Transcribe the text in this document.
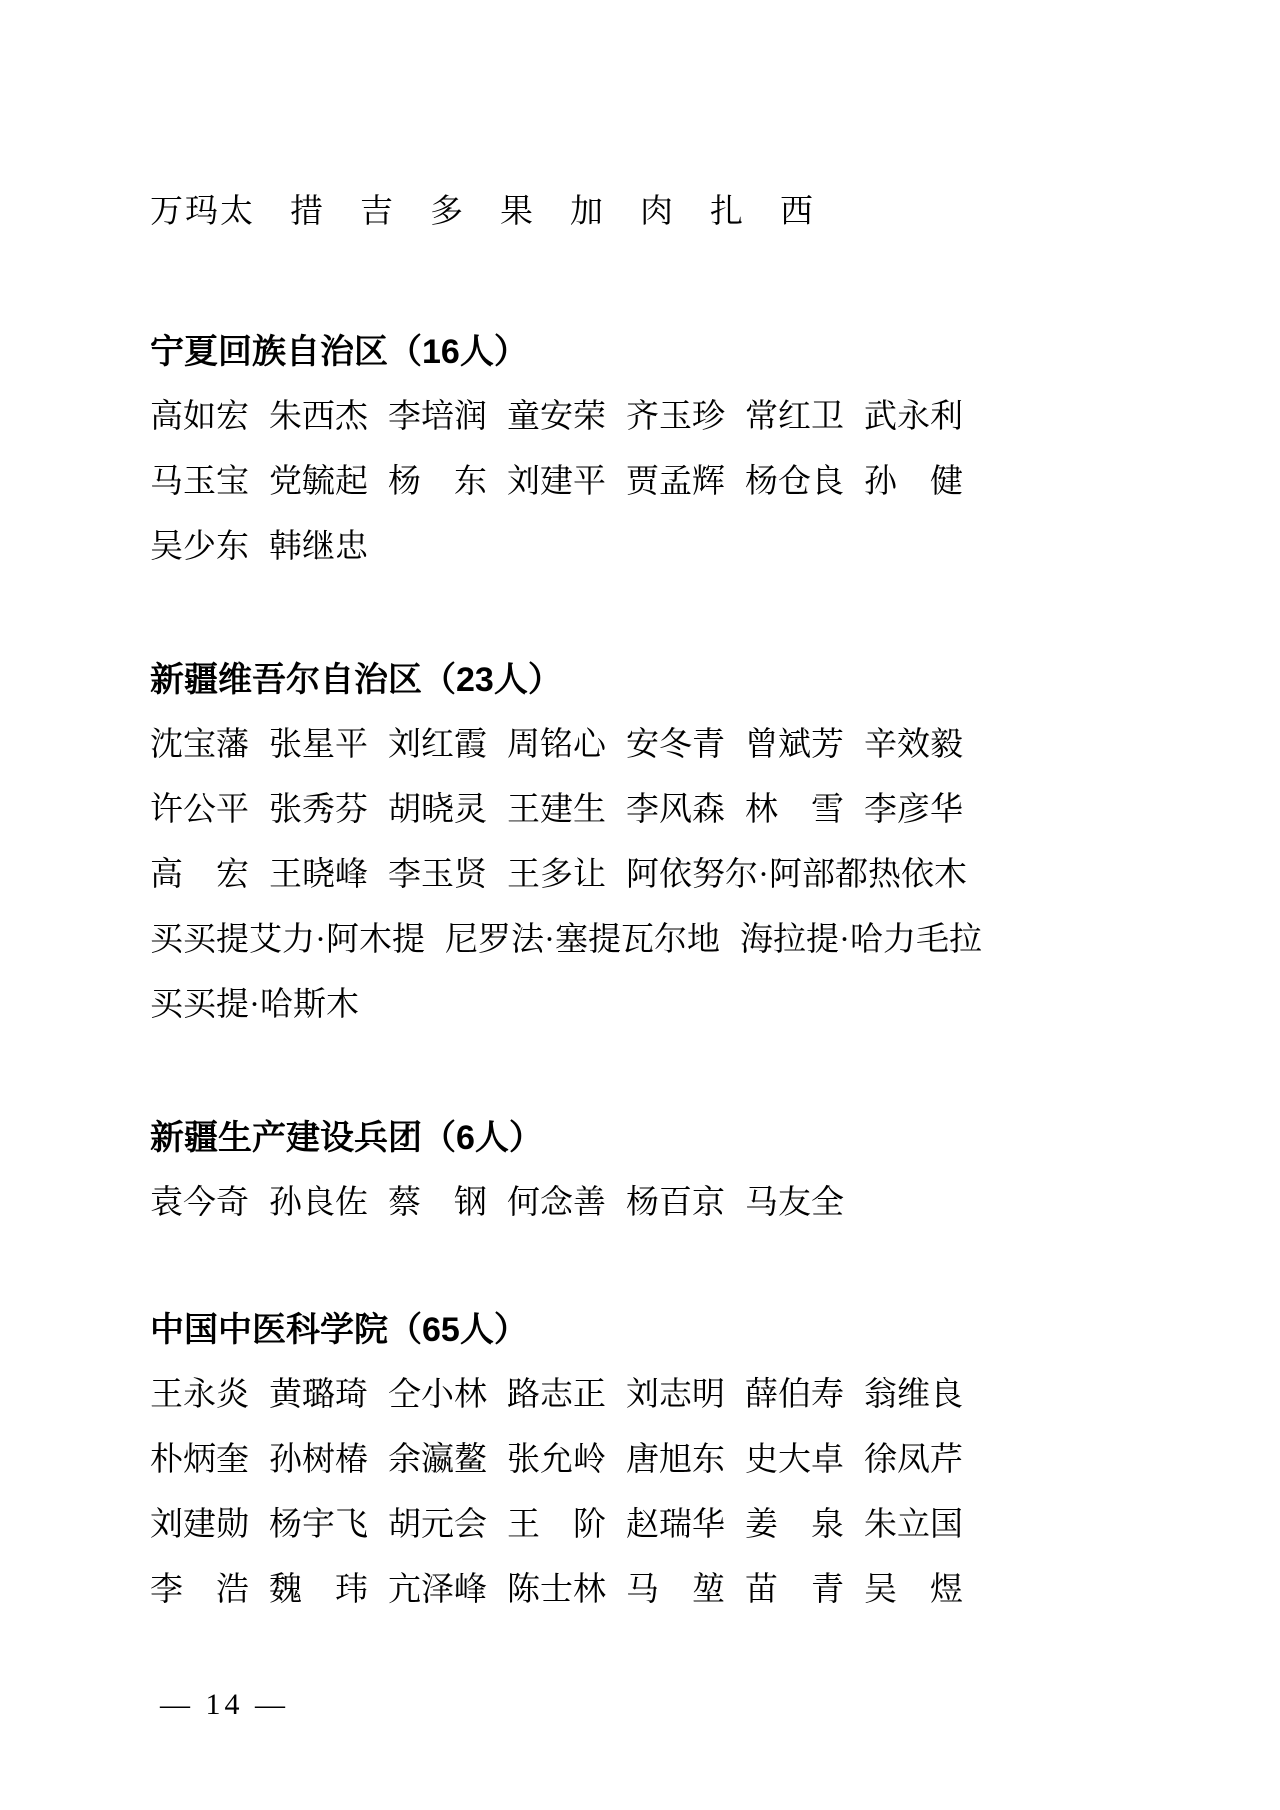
万玛太　措　吉　多　果　加　肉　扎　西
宁夏回族自治区（16人）
高如宏 朱西杰 李培润 童安荣 齐玉珍 常红卫 武永利
马玉宝 党毓起 杨　东 刘建平 贾孟辉 杨仓良 孙　健
吴少东 韩继忠
新疆维吾尔自治区（23人）
沈宝藩 张星平 刘红霞 周铭心 安冬青 曾斌芳 辛效毅
许公平 张秀芬 胡晓灵 王建生 李风森 林　雪 李彦华
高　宏 王晓峰 李玉贤 王多让 阿依努尔·阿部都热依木
买买提艾力·阿木提 尼罗法·塞提瓦尔地 海拉提·哈力毛拉
买买提·哈斯木
新疆生产建设兵团（6人）
袁今奇 孙良佐 蔡　钢 何念善 杨百京 马友全
中国中医科学院（65人）
王永炎 黄璐琦 仝小林 路志正 刘志明 薛伯寿 翁维良
朴炳奎 孙树椿 余瀛鳌 张允岭 唐旭东 史大卓 徐凤芹
刘建勋 杨宇飞 胡元会 王　阶 赵瑞华 姜　泉 朱立国
李　浩 魏　玮 亢泽峰 陈士林 马　堃 苗　青 吴　煜
— 14 —
